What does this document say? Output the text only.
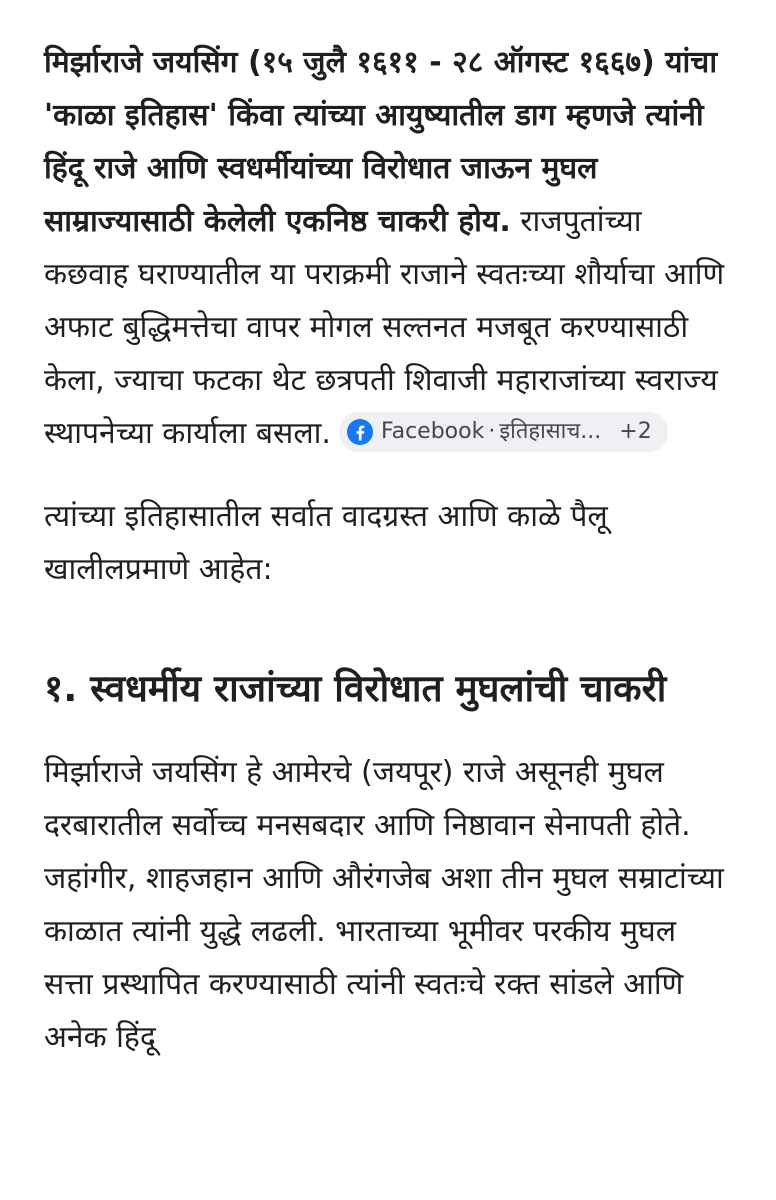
मिर्झाराजे जयसिंग (१५ जुलै १६११ - २८ ऑगस्ट १६६७) यांचा 'काळा इतिहास' किंवा त्यांच्या आयुष्यातील डाग म्हणजे त्यांनी हिंदू राजे आणि स्वधर्मीयांच्या विरोधात जाऊन मुघल साम्राज्यासाठी केलेली एकनिष्ठ चाकरी होय. राजपुतांच्या कछवाह घराण्यातील या पराक्रमी राजाने स्वतःच्या शौर्याचा आणि अफाट बुद्धिमत्तेचा वापर मोगल सल्तनत मजबूत करण्यासाठी केला, ज्याचा फटका थेट छत्रपती शिवाजी महाराजांच्या स्वराज्य स्थापनेच्या कार्याला बसला. Facebook · इतिहासाच... +2

त्यांच्या इतिहासातील सर्वात वादग्रस्त आणि काळे पैलू खालीलप्रमाणे आहेत:

१. स्वधर्मीय राजांच्या विरोधात मुघलांची चाकरी

मिर्झाराजे जयसिंग हे आमेरचे (जयपूर) राजे असूनही मुघल दरबारातील सर्वोच्च मनसबदार आणि निष्ठावान सेनापती होते. जहांगीर, शाहजहान आणि औरंगजेब अशा तीन मुघल सम्राटांच्या काळात त्यांनी युद्धे लढली. भारताच्या भूमीवर परकीय मुघल सत्ता प्रस्थापित करण्यासाठी त्यांनी स्वतःचे रक्त सांडले आणि अनेक हिंदू
